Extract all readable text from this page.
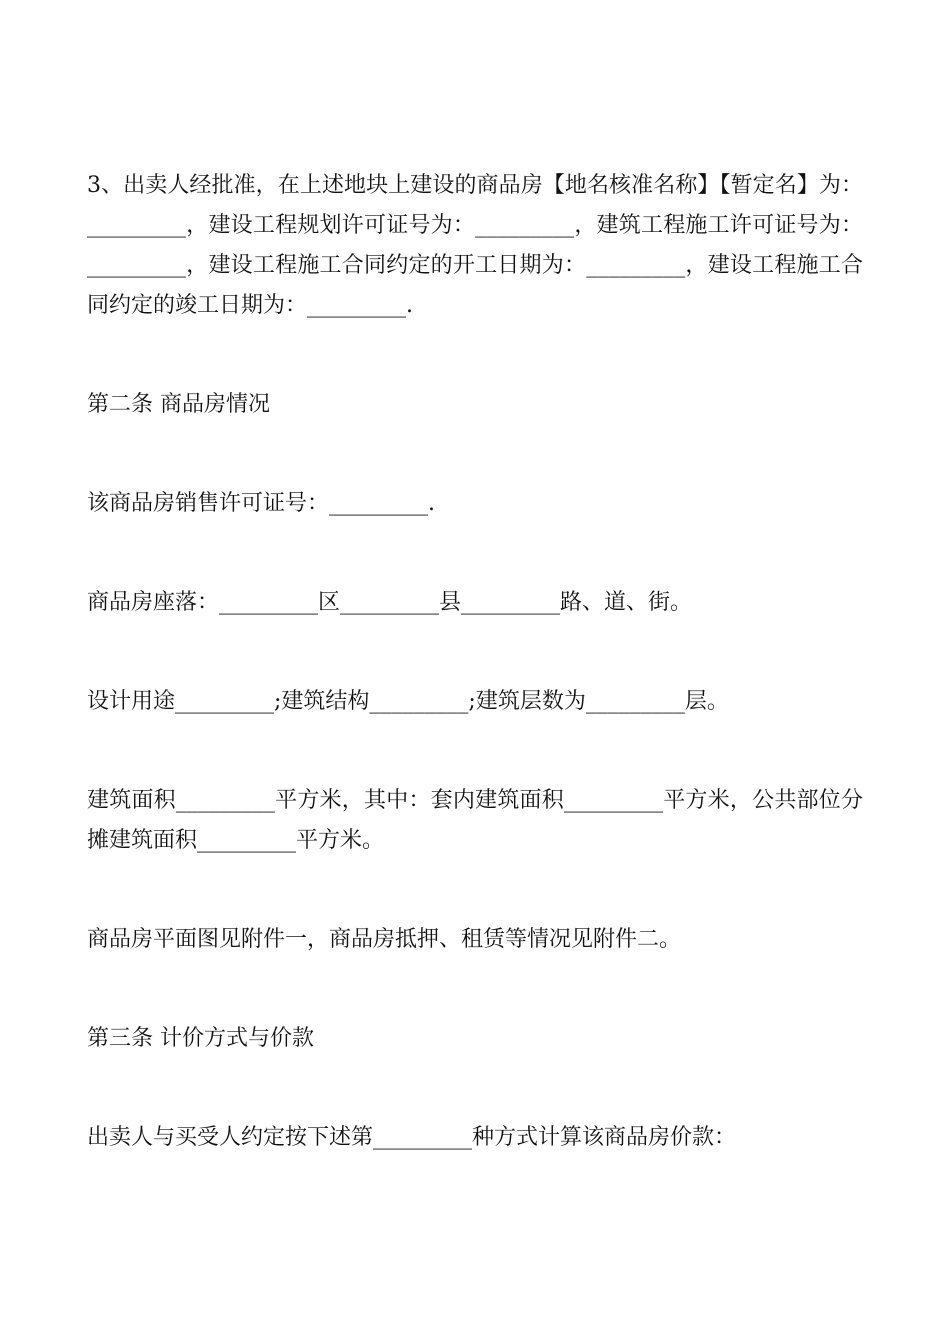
3、出卖人经批准，在上述地块上建设的商品房【地名核准名称】【暂定名】为：_________，建设工程规划许可证号为：_________，建筑工程施工许可证号为：_________，建设工程施工合同约定的开工日期为：_________，建设工程施工合同约定的竣工日期为：_________.

第二条 商品房情况

该商品房销售许可证号：_________.

商品房座落：_________区_________县_________路、道、街。

设计用途_________;建筑结构_________;建筑层数为_________层。

建筑面积_________平方米，其中：套内建筑面积_________平方米，公共部位分摊建筑面积_________平方米。

商品房平面图见附件一，商品房抵押、租赁等情况见附件二。

第三条 计价方式与价款

出卖人与买受人约定按下述第_________种方式计算该商品房价款：
